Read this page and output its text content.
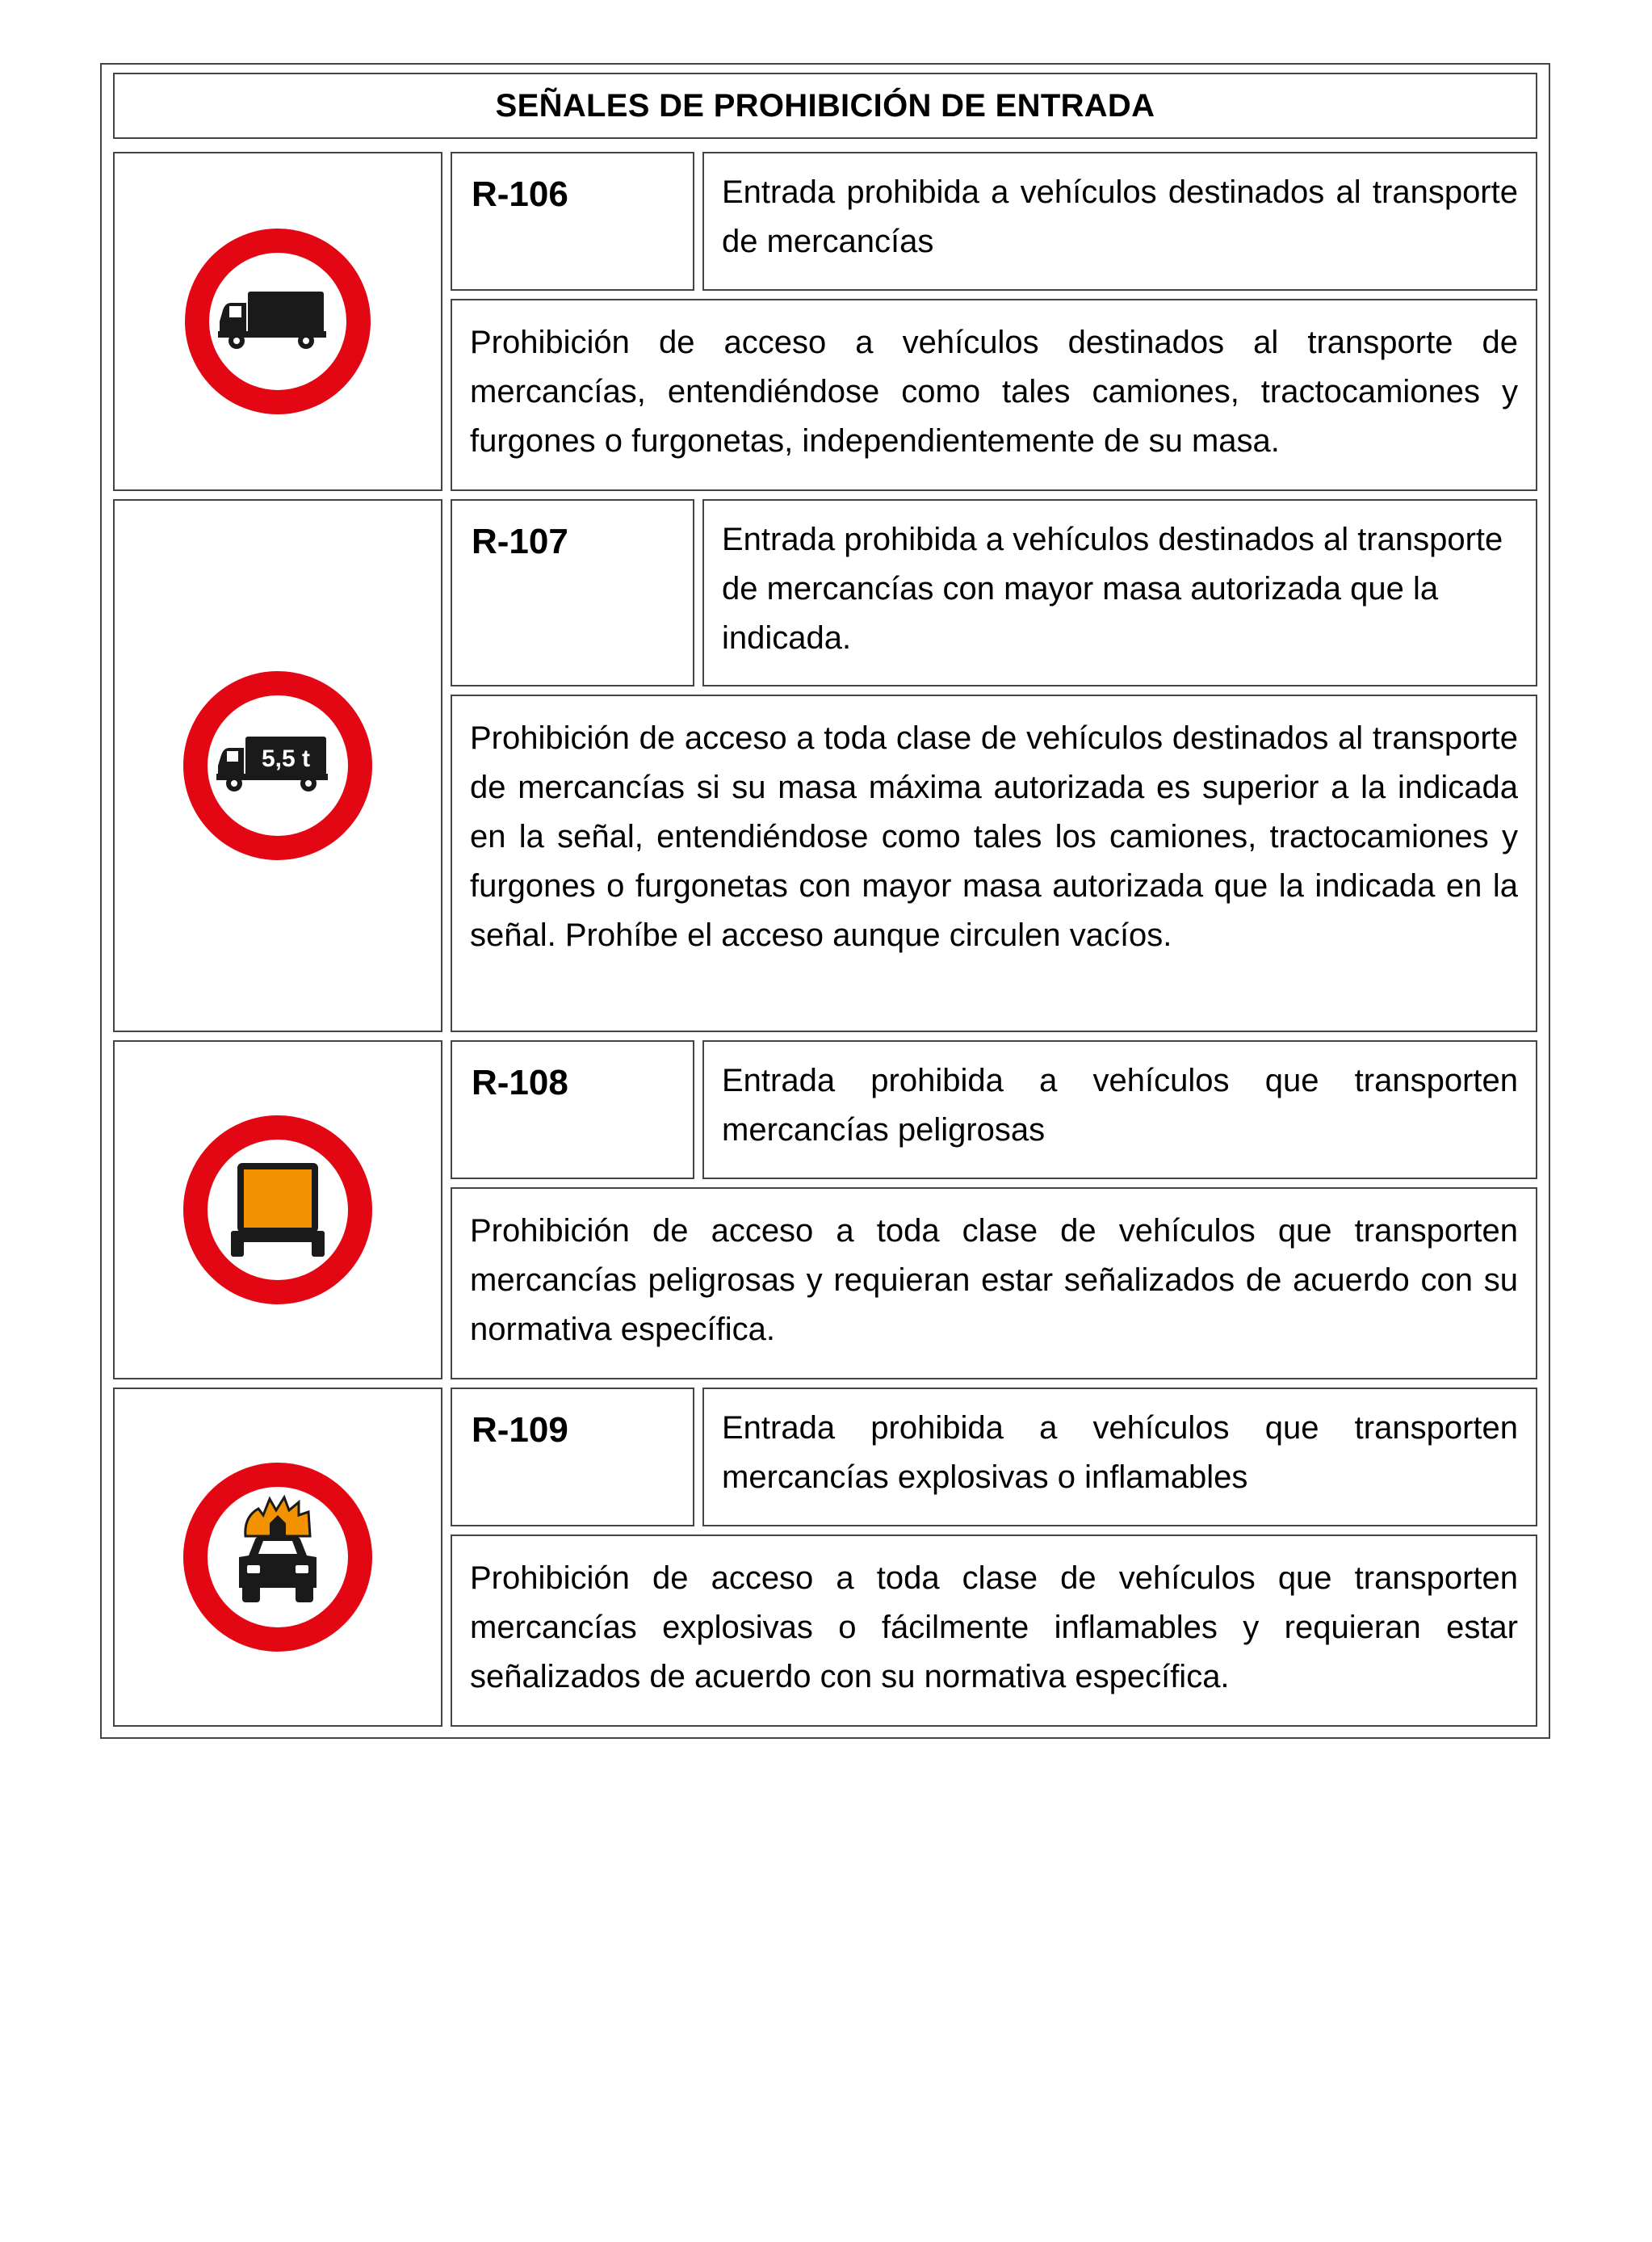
SEÑALES DE PROHIBICIÓN DE ENTRADA
R-106	Entrada prohibida a vehículos destinados al transporte de mercancías
Prohibición de acceso a vehículos destinados al transporte de mercancías, entendiéndose como tales camiones, tractocamiones y furgones o furgonetas, independientemente de su masa.
5,5 t
R-107	Entrada prohibida a vehículos destinados al transporte de mercancías con mayor masa autorizada que la indicada.
Prohibición de acceso a toda clase de vehículos destinados al transporte de mercancías si su masa máxima autorizada es superior a la indicada en la señal, entendiéndose como tales los camiones, tractocamiones y furgones o furgonetas con mayor masa autorizada que la indicada en la señal. Prohíbe el acceso aunque circulen vacíos.
R-108	Entrada prohibida a vehículos que transporten mercancías peligrosas
Prohibición de acceso a toda clase de vehículos que transporten mercancías peligrosas y requieran estar señalizados de acuerdo con su normativa específica.
R-109	Entrada prohibida a vehículos que transporten mercancías explosivas o inflamables
Prohibición de acceso a toda clase de vehículos que transporten mercancías explosivas o fácilmente inflamables y requieran estar señalizados de acuerdo con su normativa específica.
